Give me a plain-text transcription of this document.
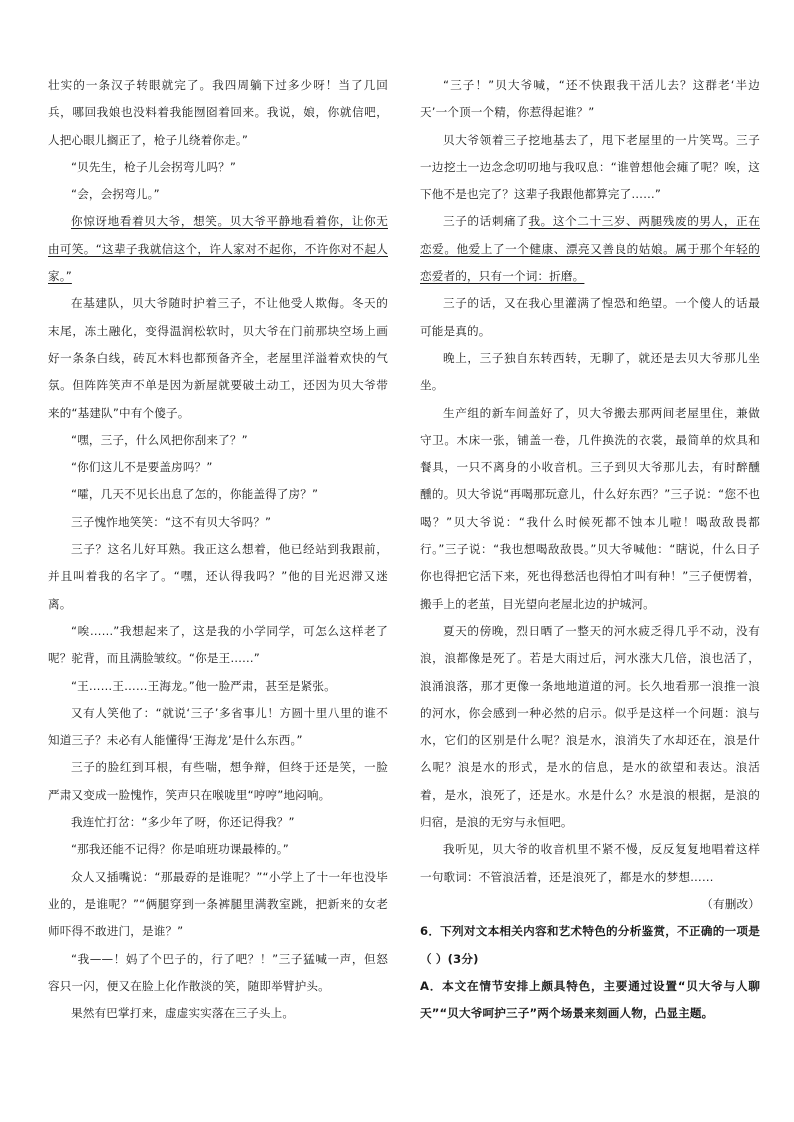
壮实的一条汉子转眼就完了。我四周躺下过多少呀！当了几回兵，哪回我娘也没料着我能囫囵着回来。我说，娘，你就信吧，人把心眼儿搁正了，枪子儿绕着你走。”

“贝先生，枪子儿会拐弯儿吗？”

“会，会拐弯儿。”

你惊讶地看着贝大爷，想笑。贝大爷平静地看着你，让你无由可笑。“这辈子我就信这个，许人家对不起你，不许你对不起人家。”

在基建队，贝大爷随时护着三子，不让他受人欺侮。冬天的末尾，冻土融化，变得温润松软时，贝大爷在门前那块空场上画好一条条白线，砖瓦木料也都预备齐全，老屋里洋溢着欢快的气氛。但阵阵笑声不单是因为新屋就要破土动工，还因为贝大爷带来的“基建队”中有个傻子。

“嘿，三子，什么风把你刮来了？”

“你们这儿不是要盖房吗？”

“嚯，几天不见长出息了怎的，你能盖得了房？”

三子愧怍地笑笑：“这不有贝大爷吗？”

三子？这名儿好耳熟。我正这么想着，他已经站到我跟前，并且叫着我的名字了。“嘿，还认得我吗？”他的目光迟滞又迷离。

“唉……”我想起来了，这是我的小学同学，可怎么这样老了呢？驼背，而且满脸皱纹。“你是王……”

“王……王……王海龙。”他一脸严肃，甚至是紧张。

又有人笑他了：“就说‘三子’多省事儿！方圆十里八里的谁不知道三子？未必有人能懂得‘王海龙’是什么东西。”

三子的脸红到耳根，有些喘，想争辩，但终于还是笑，一脸严肃又变成一脸愧怍，笑声只在喉咙里“哼哼”地闷响。

我连忙打岔：“多少年了呀，你还记得我？”

“那我还能不记得？你是咱班功课最棒的。”

众人又插嘴说：“那最孬的是谁呢？”“小学上了十一年也没毕业的，是谁呢？”“俩腿穿到一条裤腿里满教室跳，把新来的女老师吓得不敢进门，是谁？”

“我——！妈了个巴子的，行了吧？！”三子猛喊一声，但怒容只一闪，便又在脸上化作散淡的笑，随即举臂护头。

果然有巴掌打来，虚虚实实落在三子头上。

“三子！”贝大爷喊，“还不快跟我干活儿去？这群老‘半边天’一个顶一个精，你惹得起谁？”

贝大爷领着三子挖地基去了，甩下老屋里的一片笑骂。三子一边挖土一边念念叨叨地与我叹息：“谁曾想他会瘫了呢？唉，这下他不是也完了？这辈子我跟他都算完了……”

三子的话刺痛了我。这个二十三岁、两腿残废的男人，正在恋爱。他爱上了一个健康、漂亮又善良的姑娘。属于那个年轻的恋爱者的，只有一个词：折磨。

三子的话，又在我心里灌满了惶恐和绝望。一个傻人的话最可能是真的。

晚上，三子独自东转西转，无聊了，就还是去贝大爷那儿坐坐。

生产组的新车间盖好了，贝大爷搬去那两间老屋里住，兼做守卫。木床一张，铺盖一卷，几件换洗的衣裳，最简单的炊具和餐具，一只不离身的小收音机。三子到贝大爷那儿去，有时醉醺醺的。贝大爷说“再喝那玩意儿，什么好东西？”三子说：“您不也喝？”贝大爷说：“我什么时候死都不蚀本儿啦！喝敌敌畏都行。”三子说：“我也想喝敌敌畏。”贝大爷喊他：“瞎说，什么日子你也得把它活下来，死也得愁活也得怕才叫有种！”三子便愣着，搬手上的老茧，目光望向老屋北边的护城河。

夏天的傍晚，烈日晒了一整天的河水疲乏得几乎不动，没有浪，浪都像是死了。若是大雨过后，河水涨大几倍，浪也活了，浪涌浪落，那才更像一条地地道道的河。长久地看那一浪推一浪的河水，你会感到一种必然的启示。似乎是这样一个问题：浪与水，它们的区别是什么呢？浪是水，浪消失了水却还在，浪是什么呢？浪是水的形式，是水的信息，是水的欲望和表达。浪活着，是水，浪死了，还是水。水是什么？水是浪的根据，是浪的归宿，是浪的无穷与永恒吧。

我听见，贝大爷的收音机里不紧不慢，反反复复地唱着这样一句歌词：不管浪活着，还是浪死了，都是水的梦想……

（有删改）

6．下列对文本相关内容和艺术特色的分析鉴赏，不正确的一项是（ ）(3分)

A．本文在情节安排上颇具特色，主要通过设置“贝大爷与人聊天”“贝大爷呵护三子”两个场景来刻画人物，凸显主题。
